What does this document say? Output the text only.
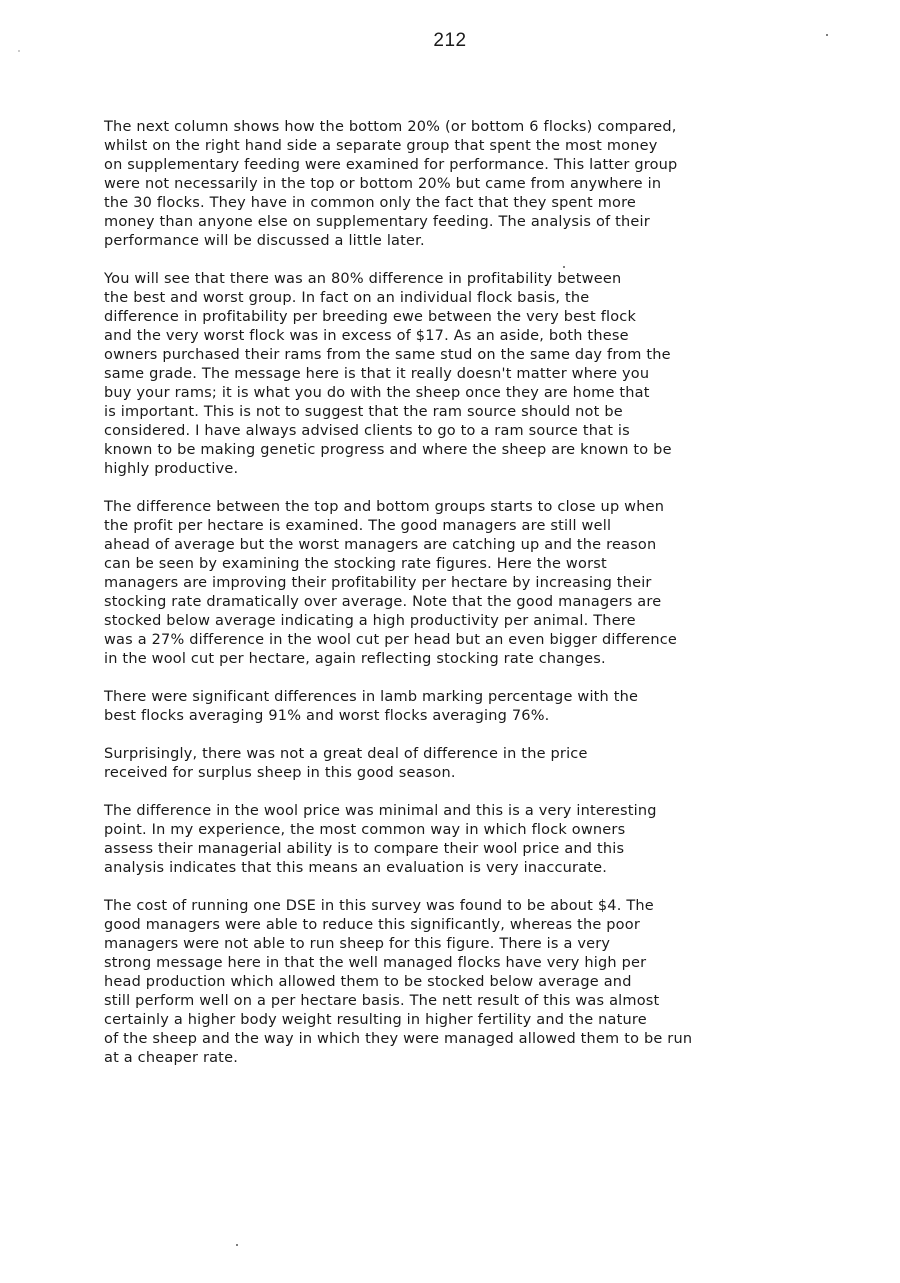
212
The next column shows how the bottom 20% (or bottom 6 flocks) compared,
whilst on the right hand side a separate group that spent the most money
on supplementary feeding were examined for performance. This latter group
were not necessarily in the top or bottom 20% but came from anywhere in
the 30 flocks. They have in common only the fact that they spent more
money than anyone else on supplementary feeding. The analysis of their
performance will be discussed a little later.
You will see that there was an 80% difference in profitability between
the best and worst group. In fact on an individual flock basis, the
difference in profitability per breeding ewe between the very best flock
and the very worst flock was in excess of $17. As an aside, both these
owners purchased their rams from the same stud on the same day from the
same grade. The message here is that it really doesn't matter where you
buy your rams; it is what you do with the sheep once they are home that
is important. This is not to suggest that the ram source should not be
considered. I have always advised clients to go to a ram source that is
known to be making genetic progress and where the sheep are known to be
highly productive.
The difference between the top and bottom groups starts to close up when
the profit per hectare is examined. The good managers are still well
ahead of average but the worst managers are catching up and the reason
can be seen by examining the stocking rate figures. Here the worst
managers are improving their profitability per hectare by increasing their
stocking rate dramatically over average. Note that the good managers are
stocked below average indicating a high productivity per animal. There
was a 27% difference in the wool cut per head but an even bigger difference
in the wool cut per hectare, again reflecting stocking rate changes.
There were significant differences in lamb marking percentage with the
best flocks averaging 91% and worst flocks averaging 76%.
Surprisingly, there was not a great deal of difference in the price
received for surplus sheep in this good season.
The difference in the wool price was minimal and this is a very interesting
point. In my experience, the most common way in which flock owners
assess their managerial ability is to compare their wool price and this
analysis indicates that this means an evaluation is very inaccurate.
The cost of running one DSE in this survey was found to be about $4. The
good managers were able to reduce this significantly, whereas the poor
managers were not able to run sheep for this figure. There is a very
strong message here in that the well managed flocks have very high per
head production which allowed them to be stocked below average and
still perform well on a per hectare basis. The nett result of this was almost
certainly a higher body weight resulting in higher fertility and the nature
of the sheep and the way in which they were managed allowed them to be run
at a cheaper rate.
